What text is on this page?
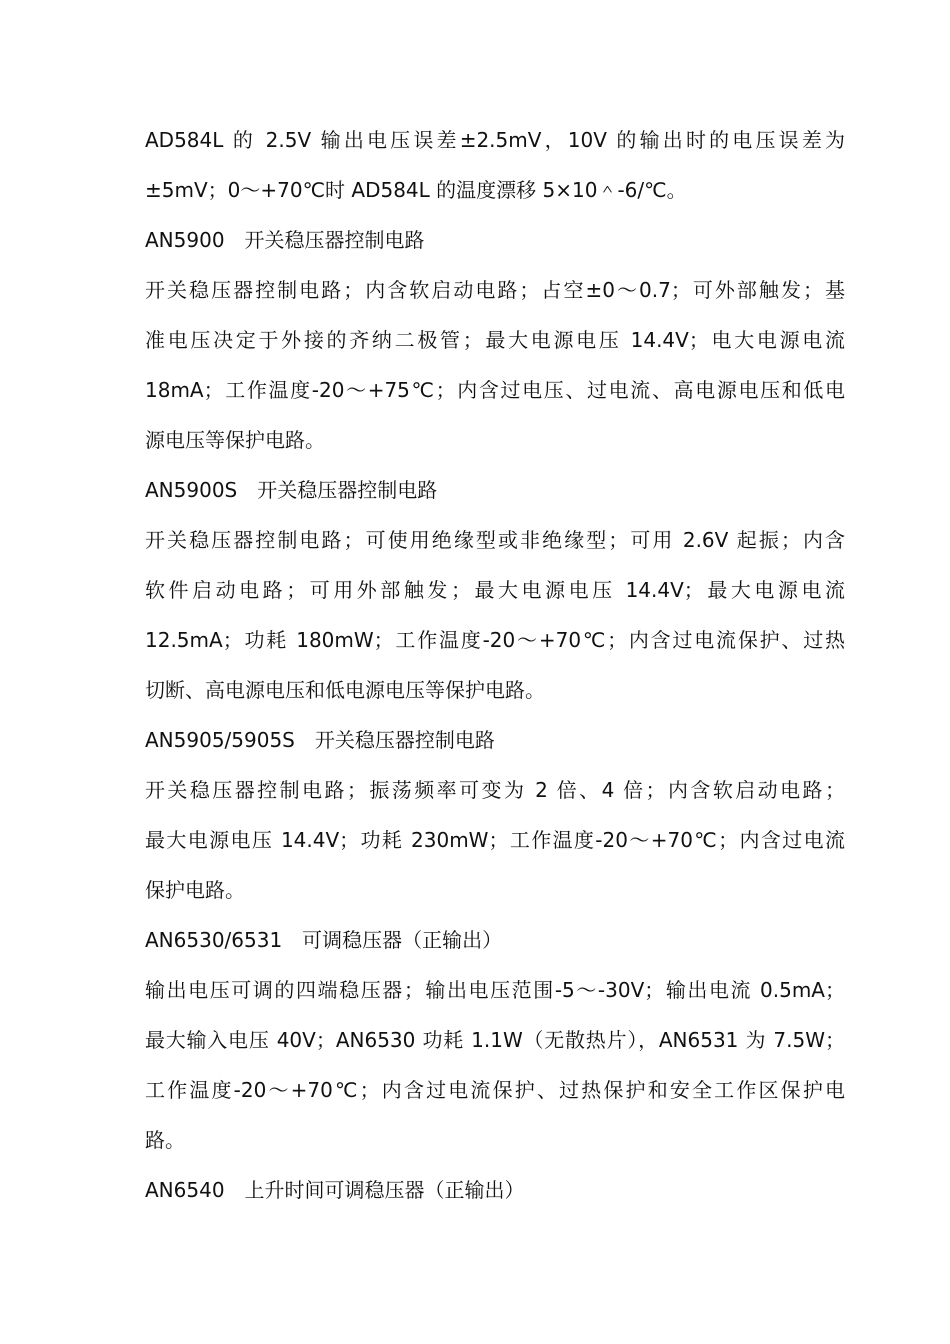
AD584L 的 2.5V 输出电压误差±2.5mV，10V 的输出时的电压误差为
±5mV；0～+70℃时 AD584L 的温度漂移 5×10＾-6/℃。
AN5900　开关稳压器控制电路
开关稳压器控制电路；内含软启动电路；占空±0～0.7；可外部触发；基
准电压决定于外接的齐纳二极管；最大电源电压 14.4V；电大电源电流
18mA；工作温度-20～+75℃；内含过电压、过电流、高电源电压和低电
源电压等保护电路。
AN5900S　开关稳压器控制电路
开关稳压器控制电路；可使用绝缘型或非绝缘型；可用 2.6V 起振；内含
软件启动电路；可用外部触发；最大电源电压 14.4V；最大电源电流
12.5mA；功耗 180mW；工作温度-20～+70℃；内含过电流保护、过热
切断、高电源电压和低电源电压等保护电路。
AN5905/5905S　开关稳压器控制电路
开关稳压器控制电路；振荡频率可变为 2 倍、4 倍；内含软启动电路；
最大电源电压 14.4V；功耗 230mW；工作温度-20～+70℃；内含过电流
保护电路。
AN6530/6531　可调稳压器（正输出）
输出电压可调的四端稳压器；输出电压范围-5～-30V；输出电流 0.5mA；
最大输入电压 40V；AN6530 功耗 1.1W（无散热片），AN6531 为 7.5W；
工作温度-20～+70℃；内含过电流保护、过热保护和安全工作区保护电
路。
AN6540　上升时间可调稳压器（正输出）
